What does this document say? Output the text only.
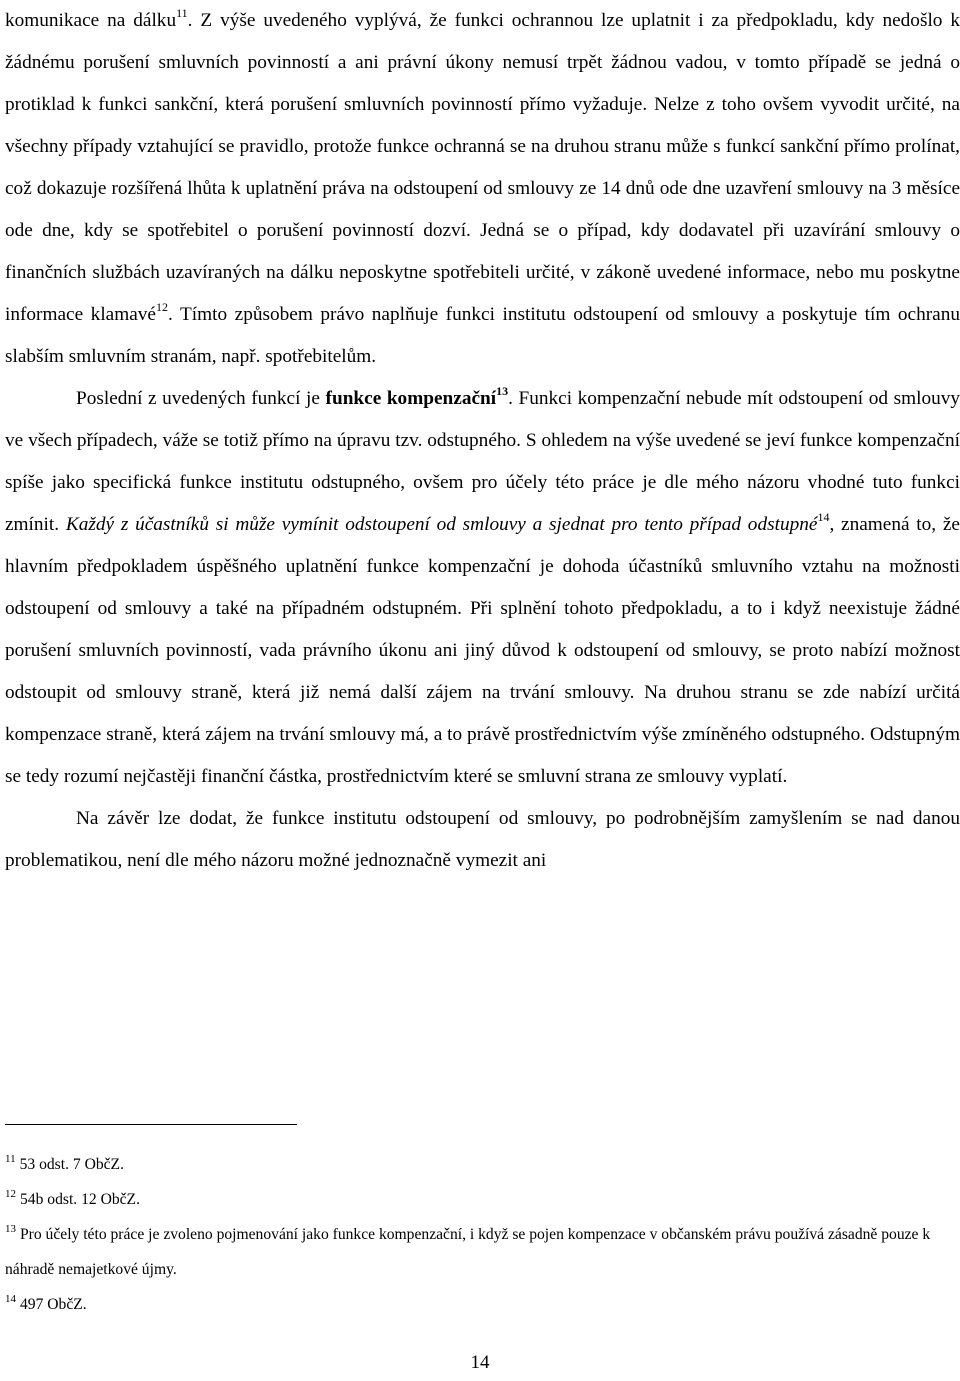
komunikace na dálku$^{11}$. Z výše uvedeného vyplývá, že funkci ochrannou lze uplatnit i za předpokladu, kdy nedošlo k žádnému porušení smluvních povinností a ani právní úkony nemusí trpět žádnou vadou, v tomto případě se jedná o protiklad k funkci sankční, která porušení smluvních povinností přímo vyžaduje. Nelze z toho ovšem vyvodit určité, na všechny případy vztahující se pravidlo, protože funkce ochranná se na druhou stranu může s funkcí sankční přímo prolínat, což dokazuje rozšířená lhůta k uplatnění práva na odstoupení od smlouvy ze 14 dnů ode dne uzavření smlouvy na 3 měsíce ode dne, kdy se spotřebitel o porušení povinností dozví. Jedná se o případ, kdy dodavatel při uzavírání smlouvy o finančních službách uzavíraných na dálku neposkytne spotřebiteli určité, v zákoně uvedené informace, nebo mu poskytne informace klamavé$^{12}$. Tímto způsobem právo naplňuje funkci institutu odstoupení od smlouvy a poskytuje tím ochranu slabším smluvním stranám, např. spotřebitelům.

Poslední z uvedených funkcí je funkce kompenzační$^{13}$. Funkci kompenzační nebude mít odstoupení od smlouvy ve všech případech, váže se totiž přímo na úpravu tzv. odstupného. S ohledem na výše uvedené se jeví funkce kompenzační spíše jako specifická funkce institutu odstupného, ovšem pro účely této práce je dle mého názoru vhodné tuto funkci zmínit. Každý z účastníků si může vymínit odstoupení od smlouvy a sjednat pro tento případ odstupné$^{14}$, znamená to, že hlavním předpokladem úspěšného uplatnění funkce kompenzační je dohoda účastníků smluvního vztahu na možnosti odstoupení od smlouvy a také na případném odstupném. Při splnění tohoto předpokladu, a to i když neexistuje žádné porušení smluvních povinností, vada právního úkonu ani jiný důvod k odstoupení od smlouvy, se proto nabízí možnost odstoupit od smlouvy straně, která již nemá další zájem na trvání smlouvy. Na druhou stranu se zde nabízí určitá kompenzace straně, která zájem na trvání smlouvy má, a to právě prostřednictvím výše zmíněného odstupného. Odstupným se tedy rozumí nejčastěji finanční částka, prostřednictvím které se smluvní strana ze smlouvy vyplatí.

Na závěr lze dodat, že funkce institutu odstoupení od smlouvy, po podrobnějším zamyšlením se nad danou problematikou, není dle mého názoru možné jednoznačně vymezit ani

$^{11}$ 53 odst. 7 ObčZ.
$^{12}$ 54b odst. 12 ObčZ.
$^{13}$ Pro účely této práce je zvoleno pojmenování jako funkce kompenzační, i když se pojen kompenzace v občanském právu používá zásadně pouze k náhradě nemajetkové újmy.
$^{14}$ 497 ObčZ.
14
